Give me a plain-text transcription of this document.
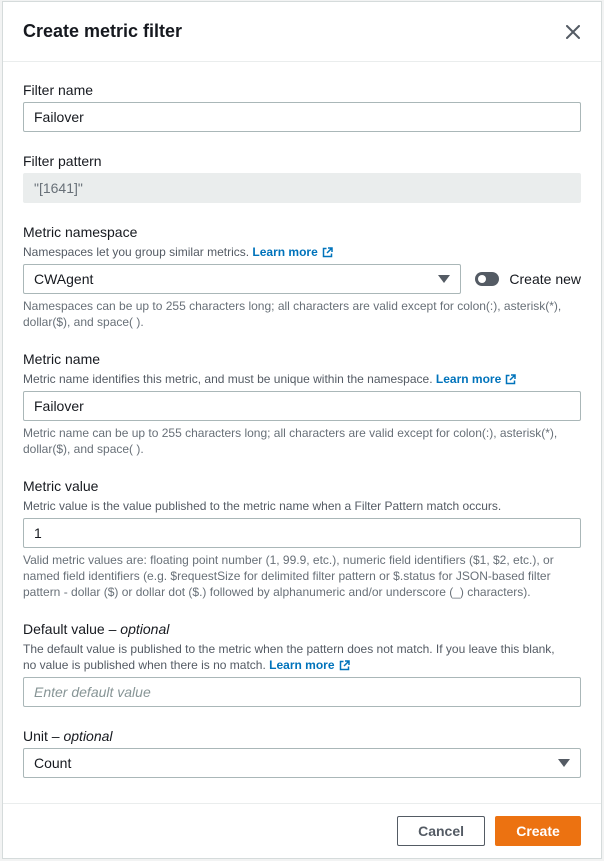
Create metric filter
Filter name
Failover
Filter pattern
"[1641]"
Metric namespace
Namespaces let you group similar metrics. Learn more
CWAgent	Create new
Namespaces can be up to 255 characters long; all characters are valid except for colon(:), asterisk(*),
dollar($), and space( ).
Metric name
Metric name identifies this metric, and must be unique within the namespace. Learn more
Failover
Metric name can be up to 255 characters long; all characters are valid except for colon(:), asterisk(*),
dollar($), and space( ).
Metric value
Metric value is the value published to the metric name when a Filter Pattern match occurs.
1
Valid metric values are: floating point number (1, 99.9, etc.), numeric field identifiers ($1, $2, etc.), or
named field identifiers (e.g. $requestSize for delimited filter pattern or $.status for JSON-based filter
pattern - dollar ($) or dollar dot ($.) followed by alphanumeric and/or underscore (_) characters).
Default value – optional
The default value is published to the metric when the pattern does not match. If you leave this blank,
no value is published when there is no match. Learn more
Enter default value
Unit – optional
Count
Cancel	Create
